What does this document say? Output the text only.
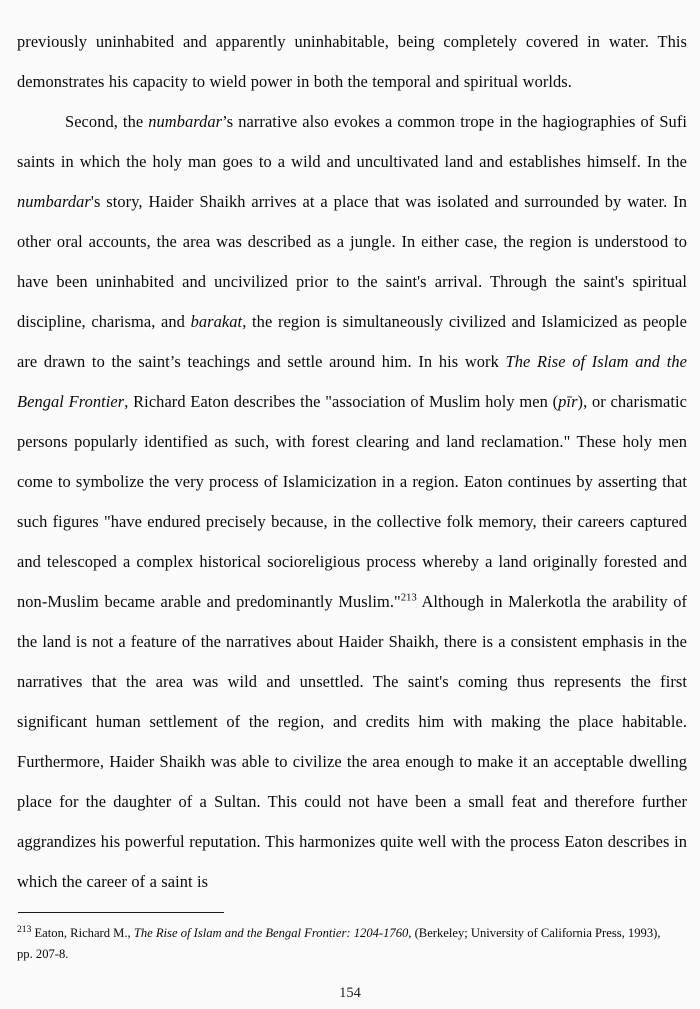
previously uninhabited and apparently uninhabitable, being completely covered in water. This demonstrates his capacity to wield power in both the temporal and spiritual worlds.

Second, the numbardar’s narrative also evokes a common trope in the hagiographies of Sufi saints in which the holy man goes to a wild and uncultivated land and establishes himself. In the numbardar's story, Haider Shaikh arrives at a place that was isolated and surrounded by water. In other oral accounts, the area was described as a jungle. In either case, the region is understood to have been uninhabited and uncivilized prior to the saint's arrival. Through the saint's spiritual discipline, charisma, and barakat, the region is simultaneously civilized and Islamicized as people are drawn to the saint’s teachings and settle around him. In his work The Rise of Islam and the Bengal Frontier, Richard Eaton describes the "association of Muslim holy men (pīr), or charismatic persons popularly identified as such, with forest clearing and land reclamation." These holy men come to symbolize the very process of Islamicization in a region. Eaton continues by asserting that such figures "have endured precisely because, in the collective folk memory, their careers captured and telescoped a complex historical socioreligious process whereby a land originally forested and non-Muslim became arable and predominantly Muslim."$^{213}$ Although in Malerkotla the arability of the land is not a feature of the narratives about Haider Shaikh, there is a consistent emphasis in the narratives that the area was wild and unsettled. The saint's coming thus represents the first significant human settlement of the region, and credits him with making the place habitable. Furthermore, Haider Shaikh was able to civilize the area enough to make it an acceptable dwelling place for the daughter of a Sultan. This could not have been a small feat and therefore further aggrandizes his powerful reputation. This harmonizes quite well with the process Eaton describes in which the career of a saint is

$^{213}$ Eaton, Richard M., The Rise of Islam and the Bengal Frontier: 1204-1760, (Berkeley; University of California Press, 1993), pp. 207-8.

154
